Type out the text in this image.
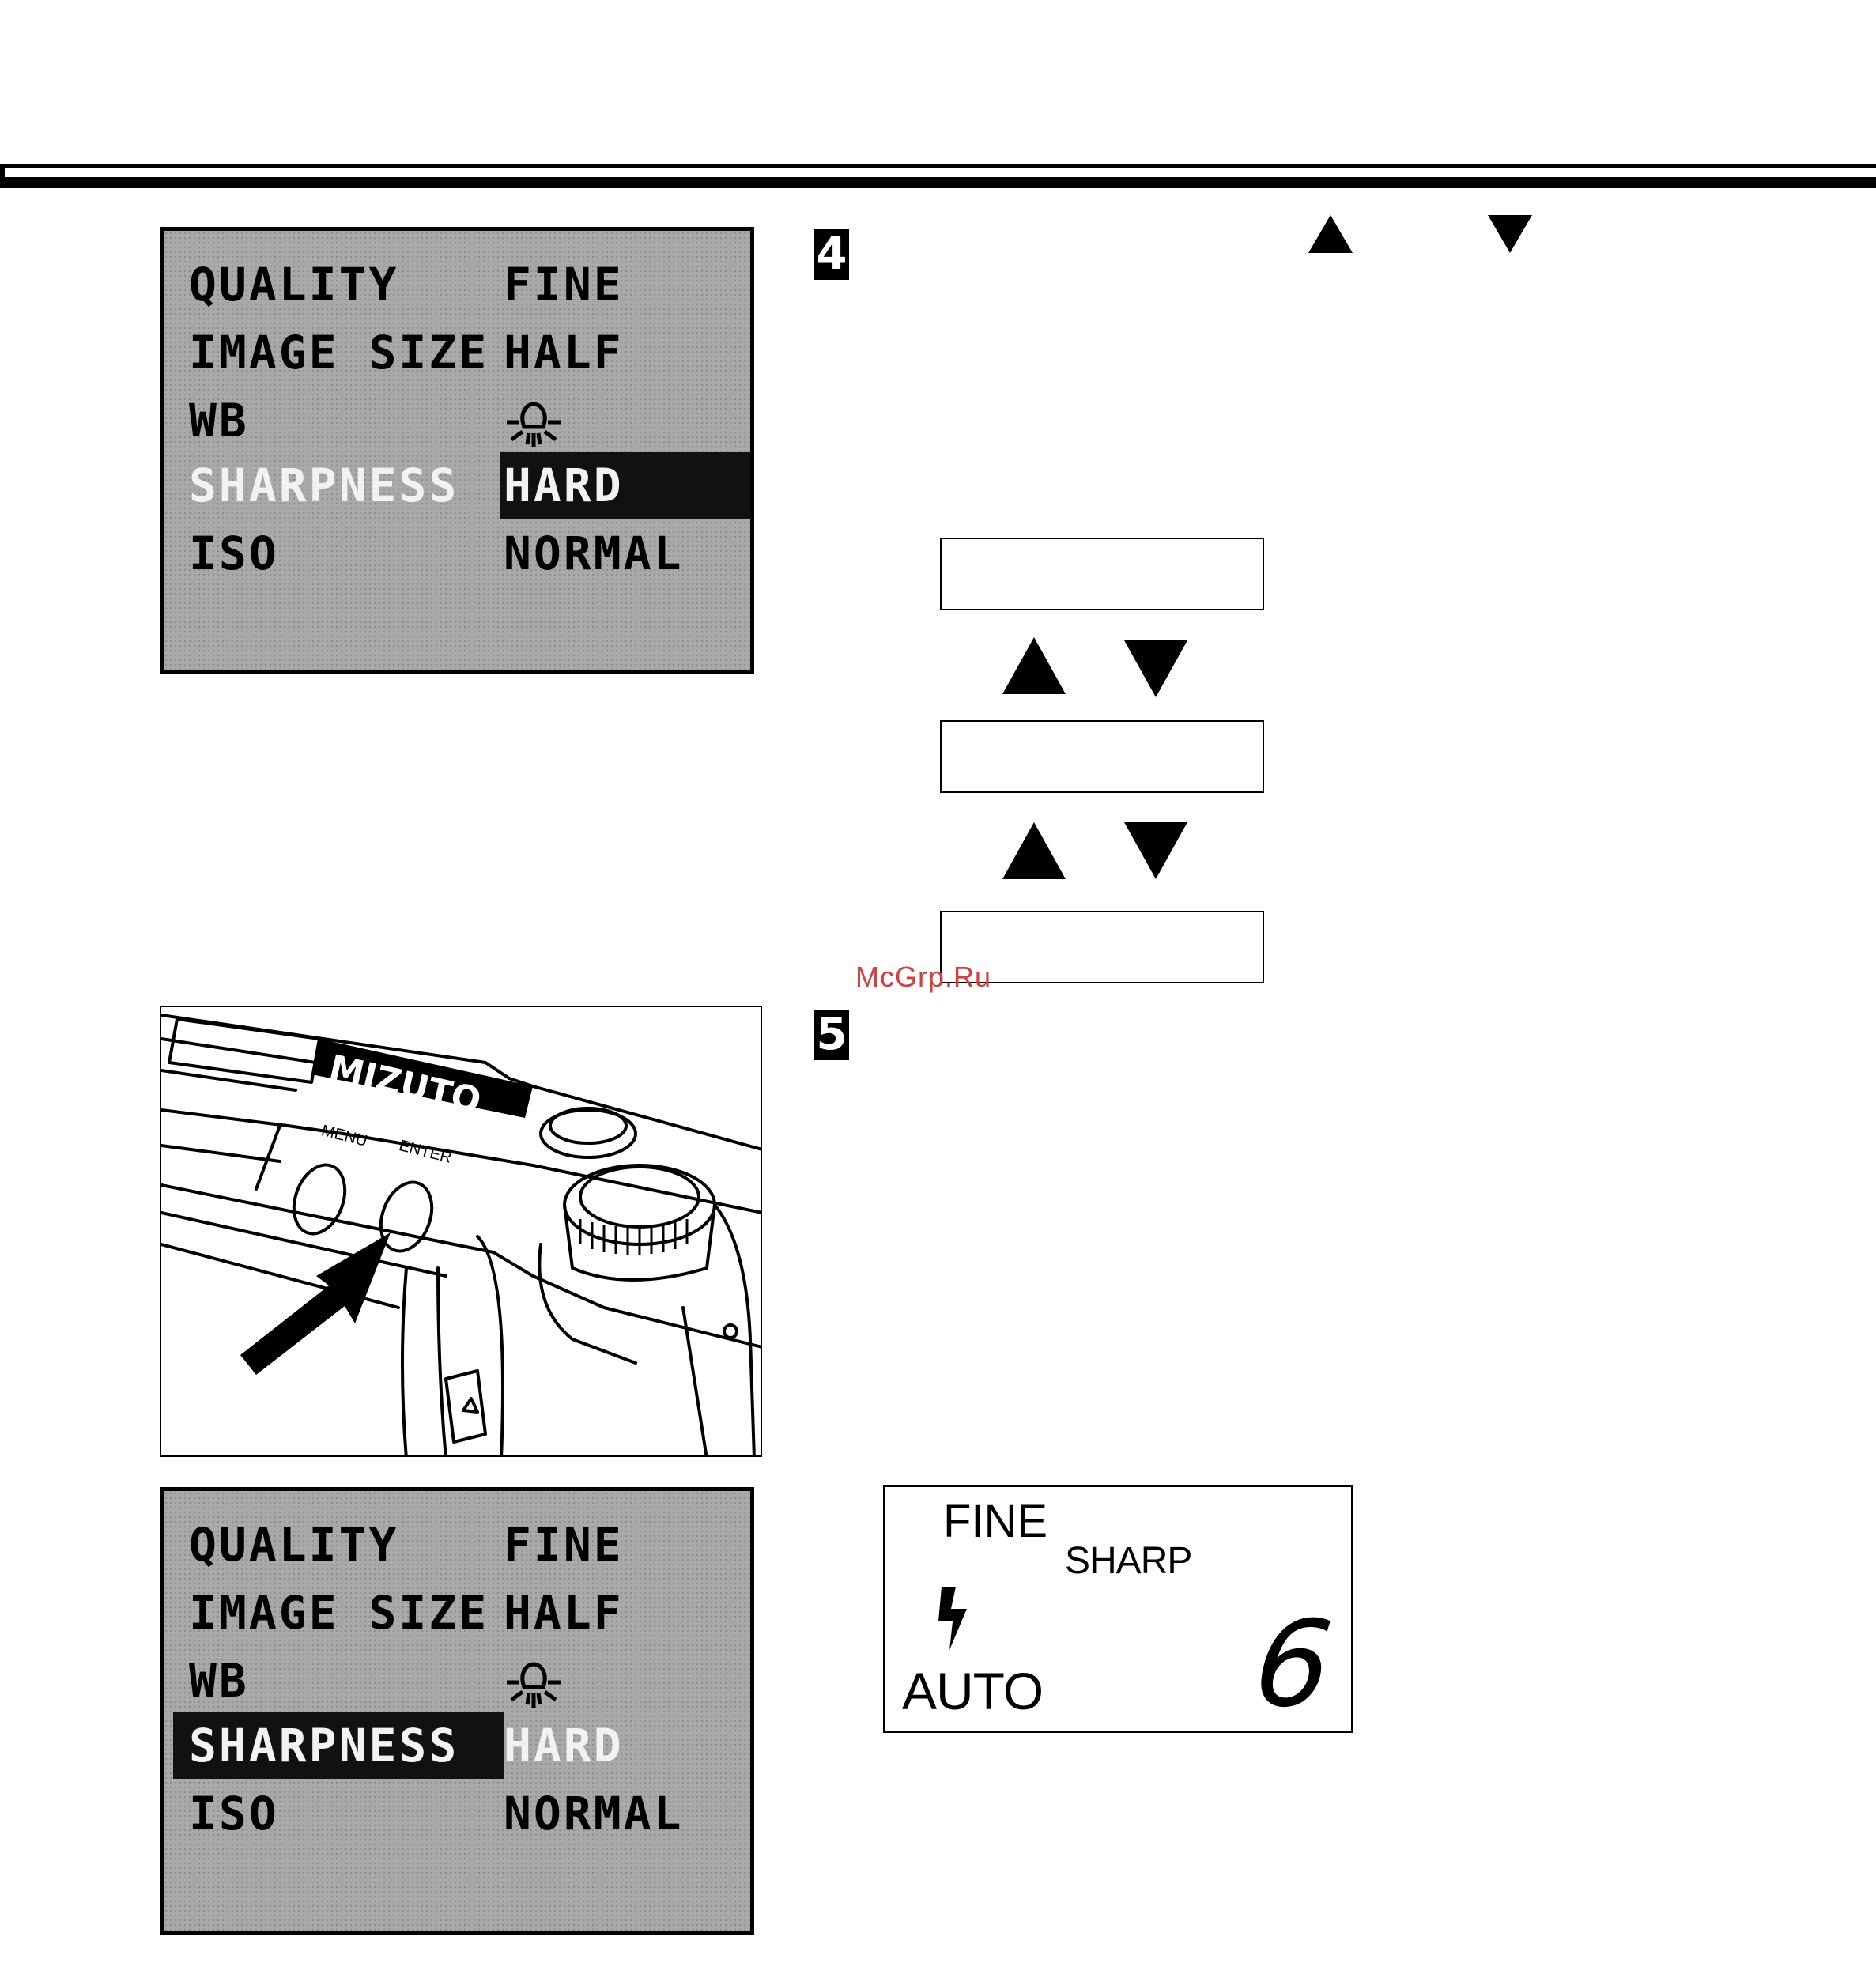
QUALITY FINE
IMAGE SIZE HALF
WB
SHARPNESS HARD
ISO	NORMAL
4
McGrp.Ru
5
MIZUTO
MENU
ENTER
QUALITY FINE
IMAGE SIZE HALF
WB
SHARPNESS HARD
ISO	NORMAL
FINE
SHARP
AUTO 6
